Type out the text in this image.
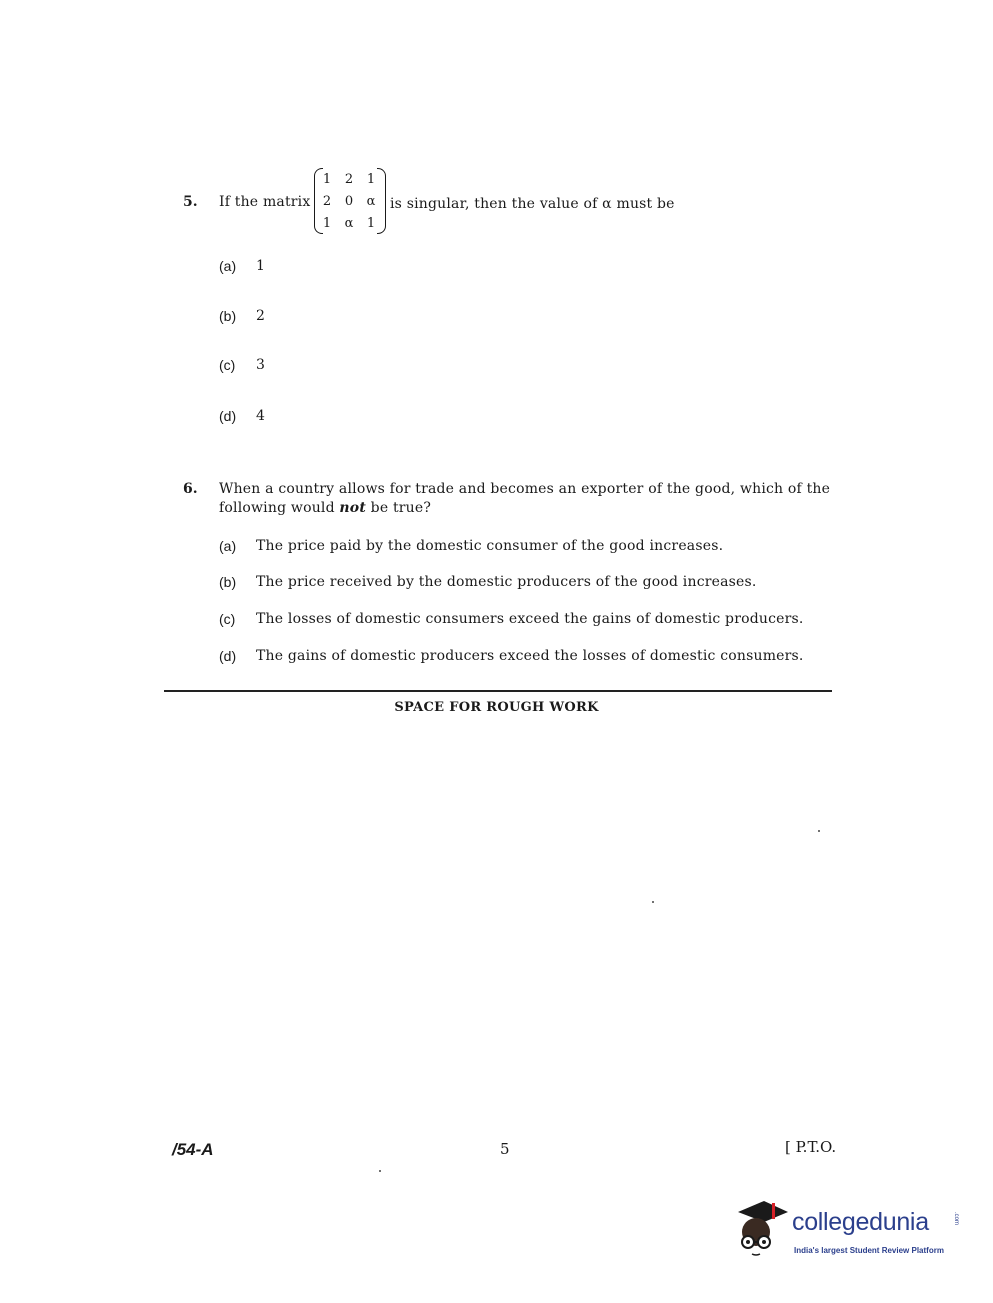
5. If the matrix
1 2 1
2 0 α
1 α 1
is singular, then the value of α must be
(a) 1
(b) 2
(c) 3
(d) 4
6. When a country allows for trade and becomes an exporter of the good, which of the
following would not be true?
(a) The price paid by the domestic consumer of the good increases.
(b) The price received by the domestic producers of the good increases.
(c) The losses of domestic consumers exceed the gains of domestic producers.
(d) The gains of domestic producers exceed the losses of domestic consumers.
SPACE FOR ROUGH WORK
/54-A	5	[ P.T.O.
collegedunia	.com
India's largest Student Review Platform
